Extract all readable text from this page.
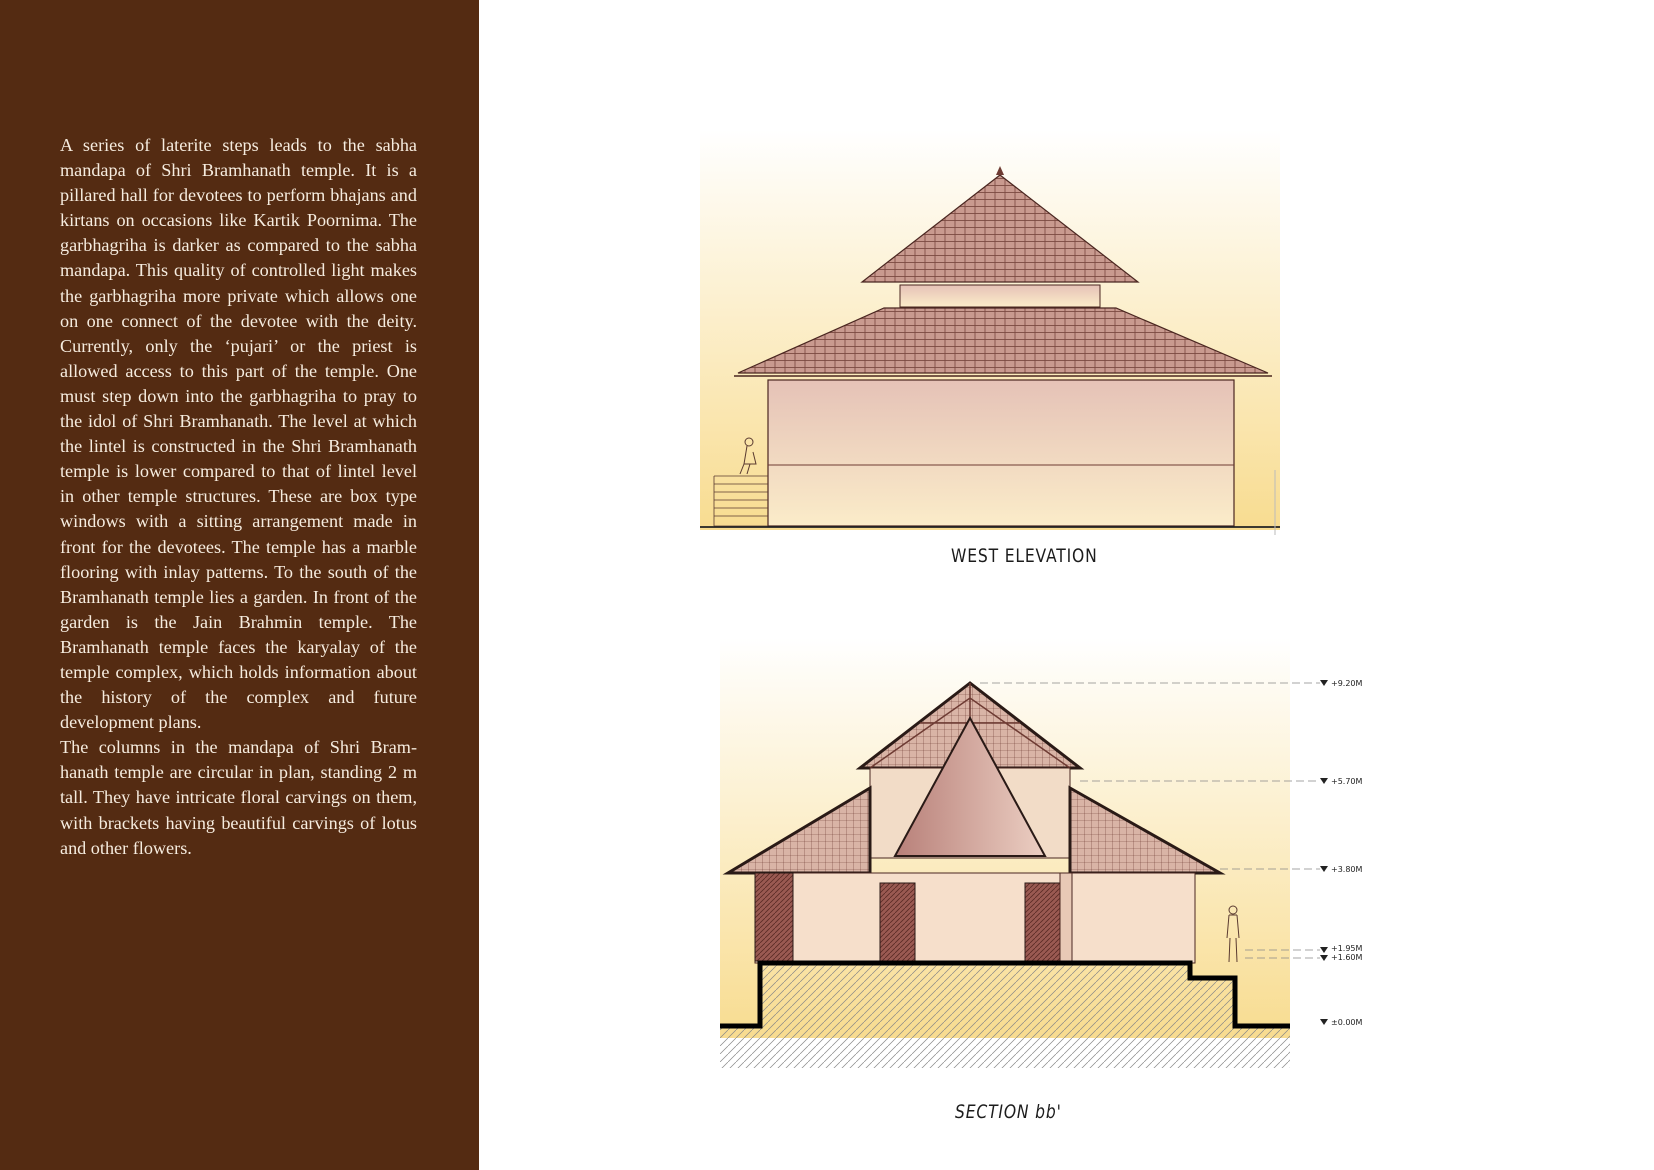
A series of laterite steps leads to the sabha mandapa of Shri Bramhanath temple. It is a pillared hall for devotees to perform bhajans and kirtans on occasions like Kartik Poornima. The garbhagriha is darker as compared to the sabha mandapa. This quality of controlled light makes the garbhagriha more private which allows one on one connect of the devotee with the deity. Currently, only the ‘pujari’ or the priest is allowed access to this part of the temple. One must step down into the garbhagriha to pray to the idol of Shri Bramhanath. The level at which the lintel is constructed in the Shri Bramhanath temple is lower compared to that of lintel level in other temple structures. These are box type windows with a sitting arrangement made in front for the devotees. The temple has a marble flooring with inlay patterns. To the south of the Bramhanath temple lies a garden. In front of the garden is the Jain Brahmin temple. The Bramhanath temple faces the karyalay of the temple complex, which holds information about the history of the complex and future development plans.

The columns in the mandapa of Shri Bramhanath temple are circular in plan, standing 2 m tall. They have intricate floral carvings on them, with brackets having beautiful carvings of lotus and other flowers.

WEST ELEVATION
+9.20M
+5.70M
+3.80M
+1.95M
+1.60M
±0.00M
SECTION bb'
